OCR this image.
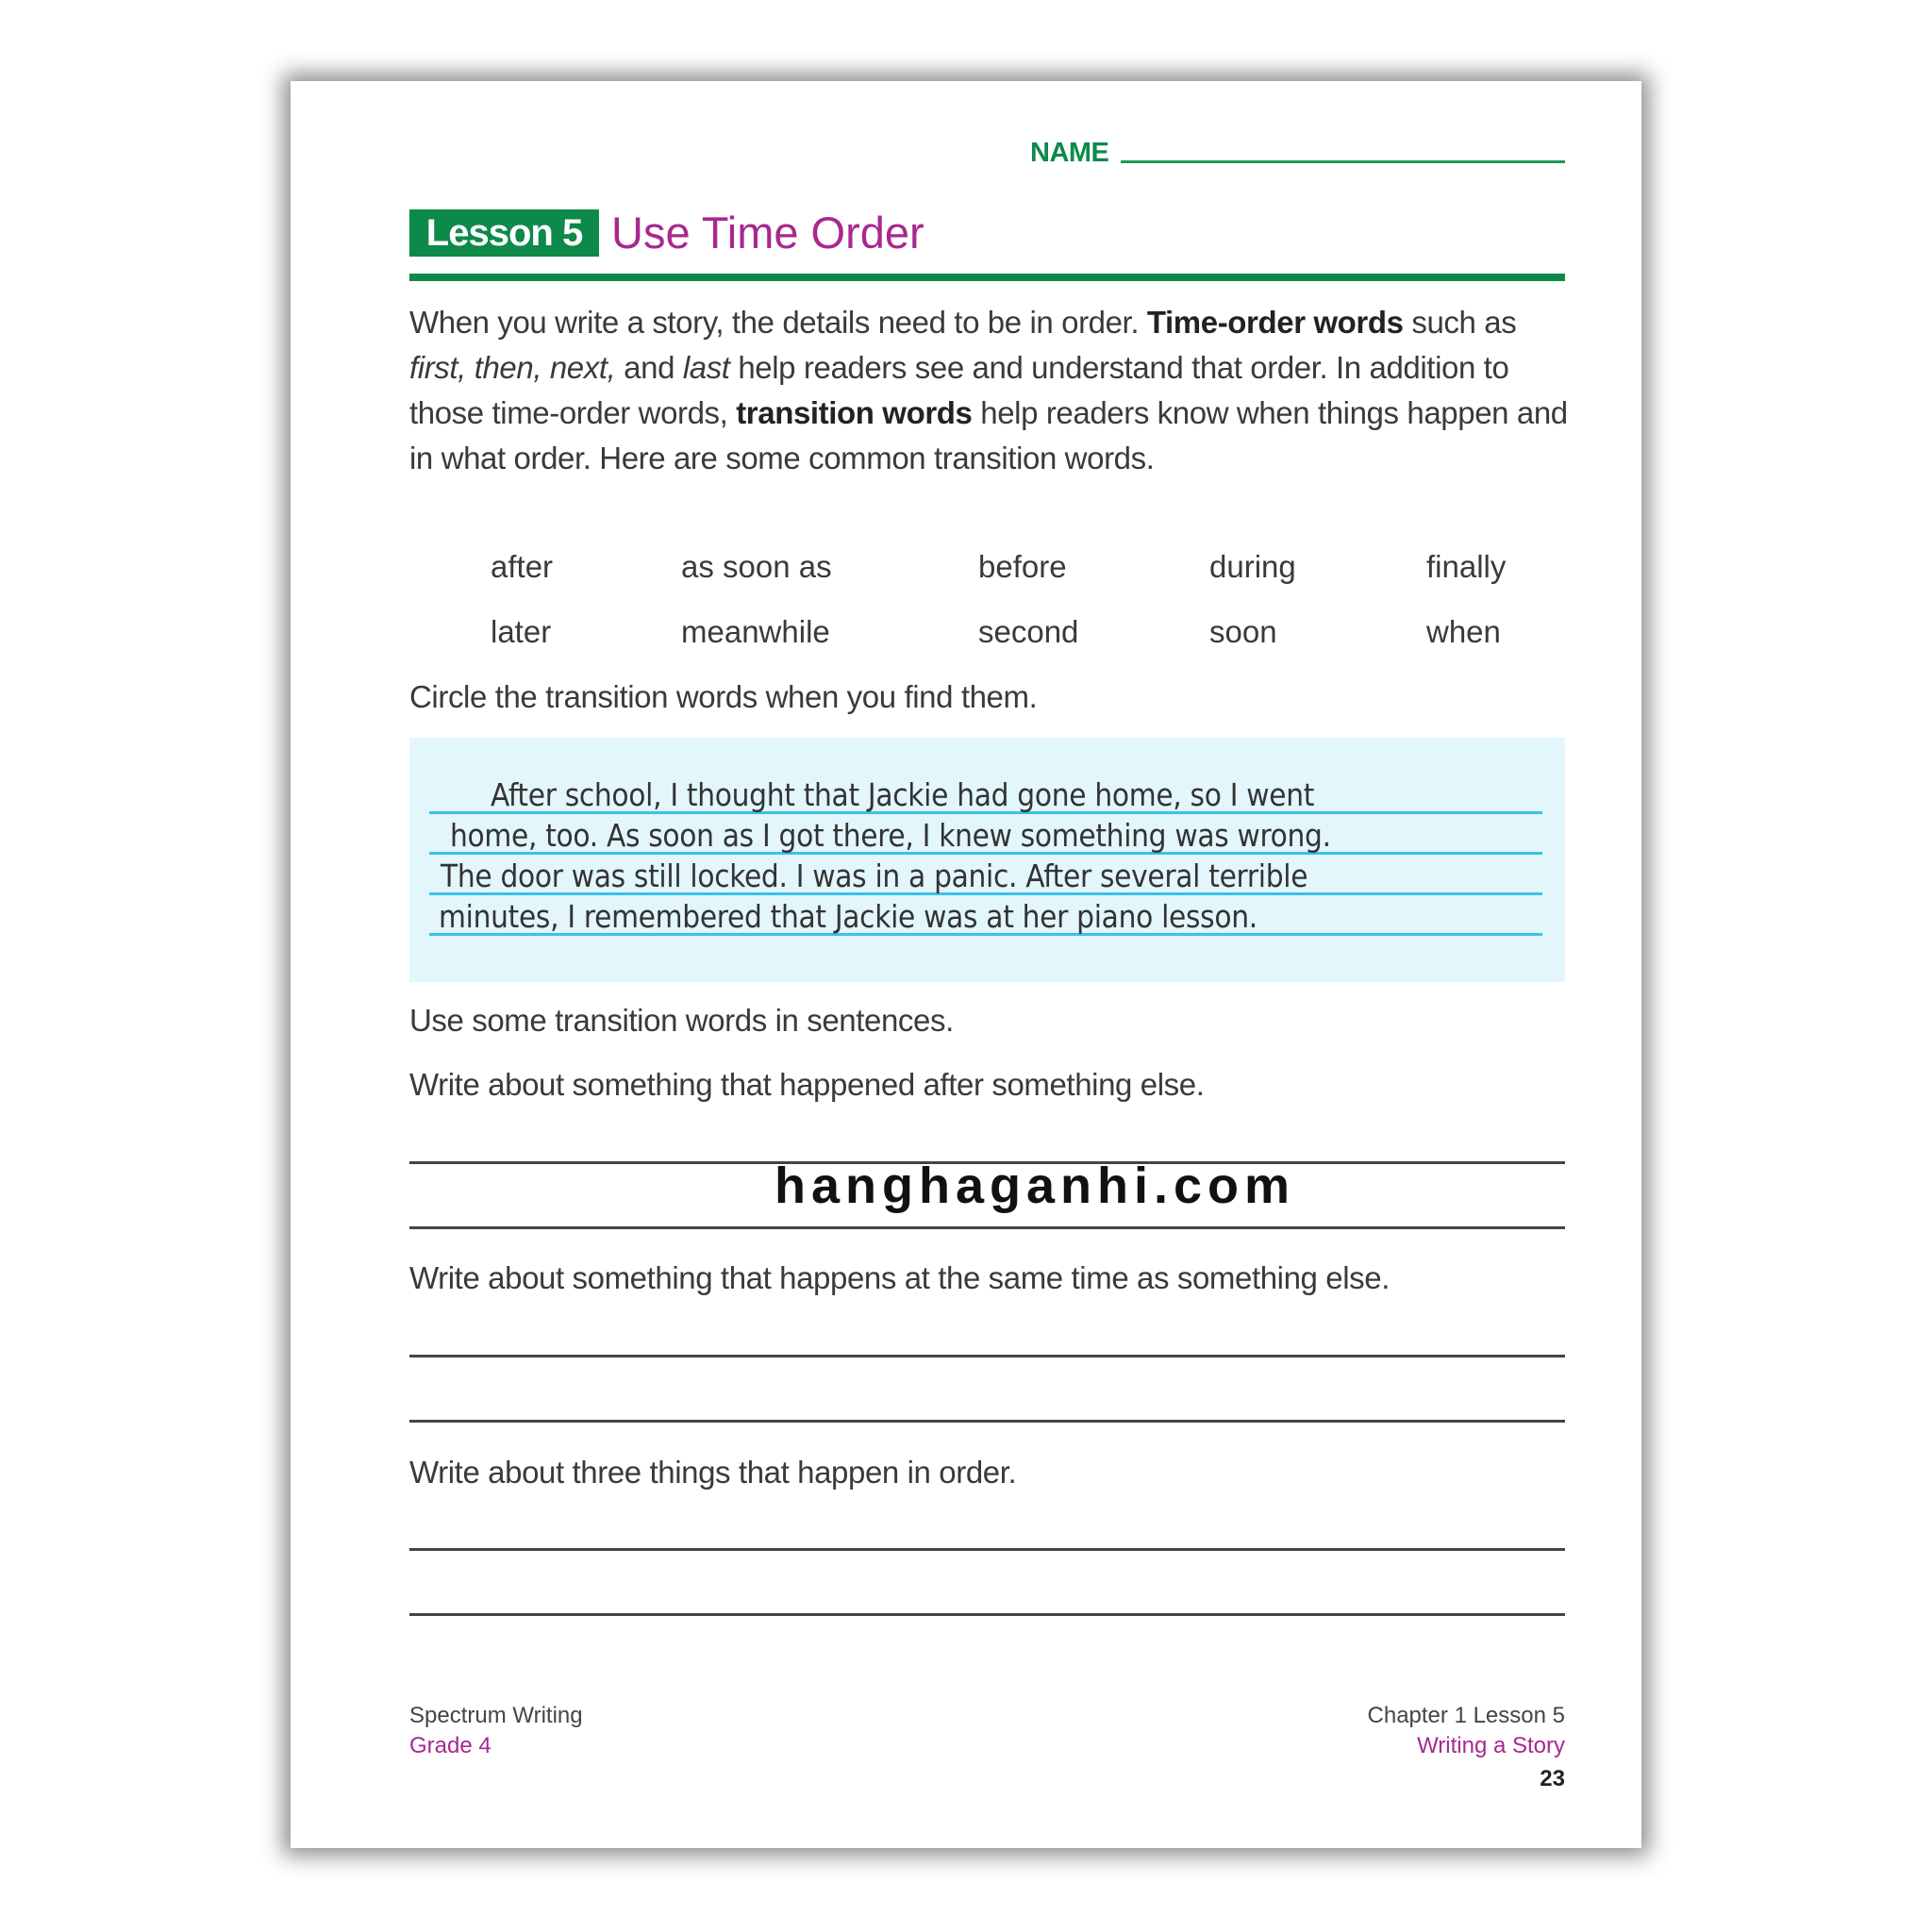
NAME
Lesson 5 Use Time Order
When you write a story, the details need to be in order. Time-order words such as first, then, next, and last help readers see and understand that order. In addition to those time-order words, transition words help readers know when things happen and in what order. Here are some common transition words.
after	as soon as	before	during	finally
later	meanwhile	second	soon	when
Circle the transition words when you find them.
After school, I thought that Jackie had gone home, so I went
home, too. As soon as I got there, I knew something was wrong.
The door was still locked. I was in a panic. After several terrible
minutes, I remembered that Jackie was at her piano lesson.
Use some transition words in sentences.
Write about something that happened after something else.
Write about something that happens at the same time as something else.
Write about three things that happen in order.
hanghaganhi.com
Spectrum Writing
Grade 4
Chapter 1 Lesson 5
Writing a Story
23
